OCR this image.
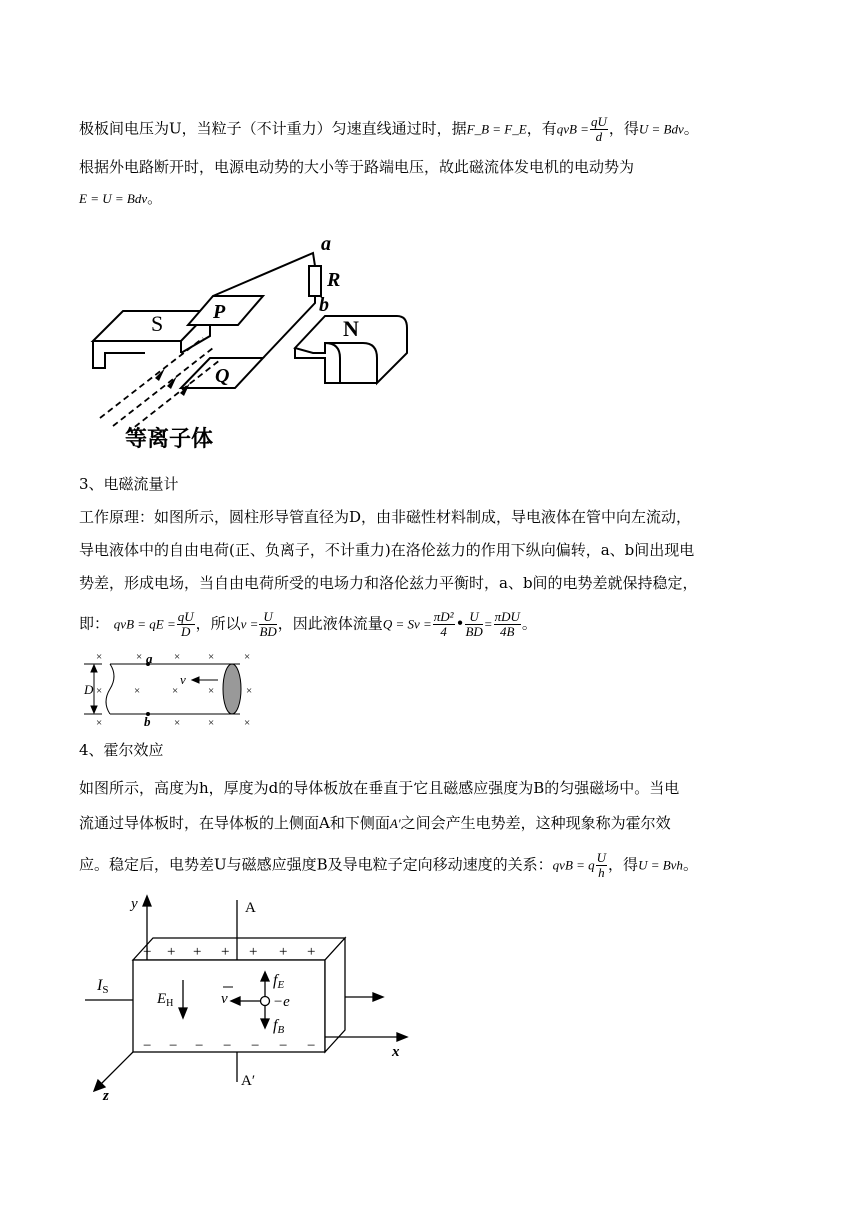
极板间电压为U，当粒子（不计重力）匀速直线通过时，据F_B = F_E，有qvB = $\frac{qU}{d}$ ，得U = Bdv。
根据外电路断开时，电源电动势的大小等于路端电压，故此磁流体发电机的电动势为
E = U = Bdv。
a
R
b
S P
Q
N
等离子体
3、电磁流量计
工作原理：如图所示，圆柱形导管直径为D，由非磁性材料制成，导电液体在管中向左流动，
导电液体中的自由电荷(正、负离子，不计重力)在洛伦兹力的作用下纵向偏转，a、b间出现电
势差，形成电场，当自由电荷所受的电场力和洛伦兹力平衡时，a、b间的电势差就保持稳定，
即： qvB = qE = $\frac{qU}{D}$ ，所以$v = \frac{U}{BD}$ ，因此液体流量$Q = Sv = \frac{\text{πD²}}{4}$ • $\frac{U}{BD} = \frac{\text{πDU}}{4B}$ 。
a
b
D
v
×	×	×	×	×
×	×	×	×	×
×	×	×	×
4、霍尔效应
如图所示，高度为h，厚度为d的导体板放在垂直于它且磁感应强度为B的匀强磁场中。当电
流通过导体板时，在导体板的上侧面A和下侧面A'之间会产生电势差，这种现象称为霍尔效
应。稳定后，电势差U与磁感应强度B及导电粒子定向移动速度的关系：qvB = q $\frac{U}{h}$ ，得U = Bvh。
+ + + + + + +
− − − − − − −
y	A
A′
IS
$E_H$	v
fE
−e
fB
x
z
